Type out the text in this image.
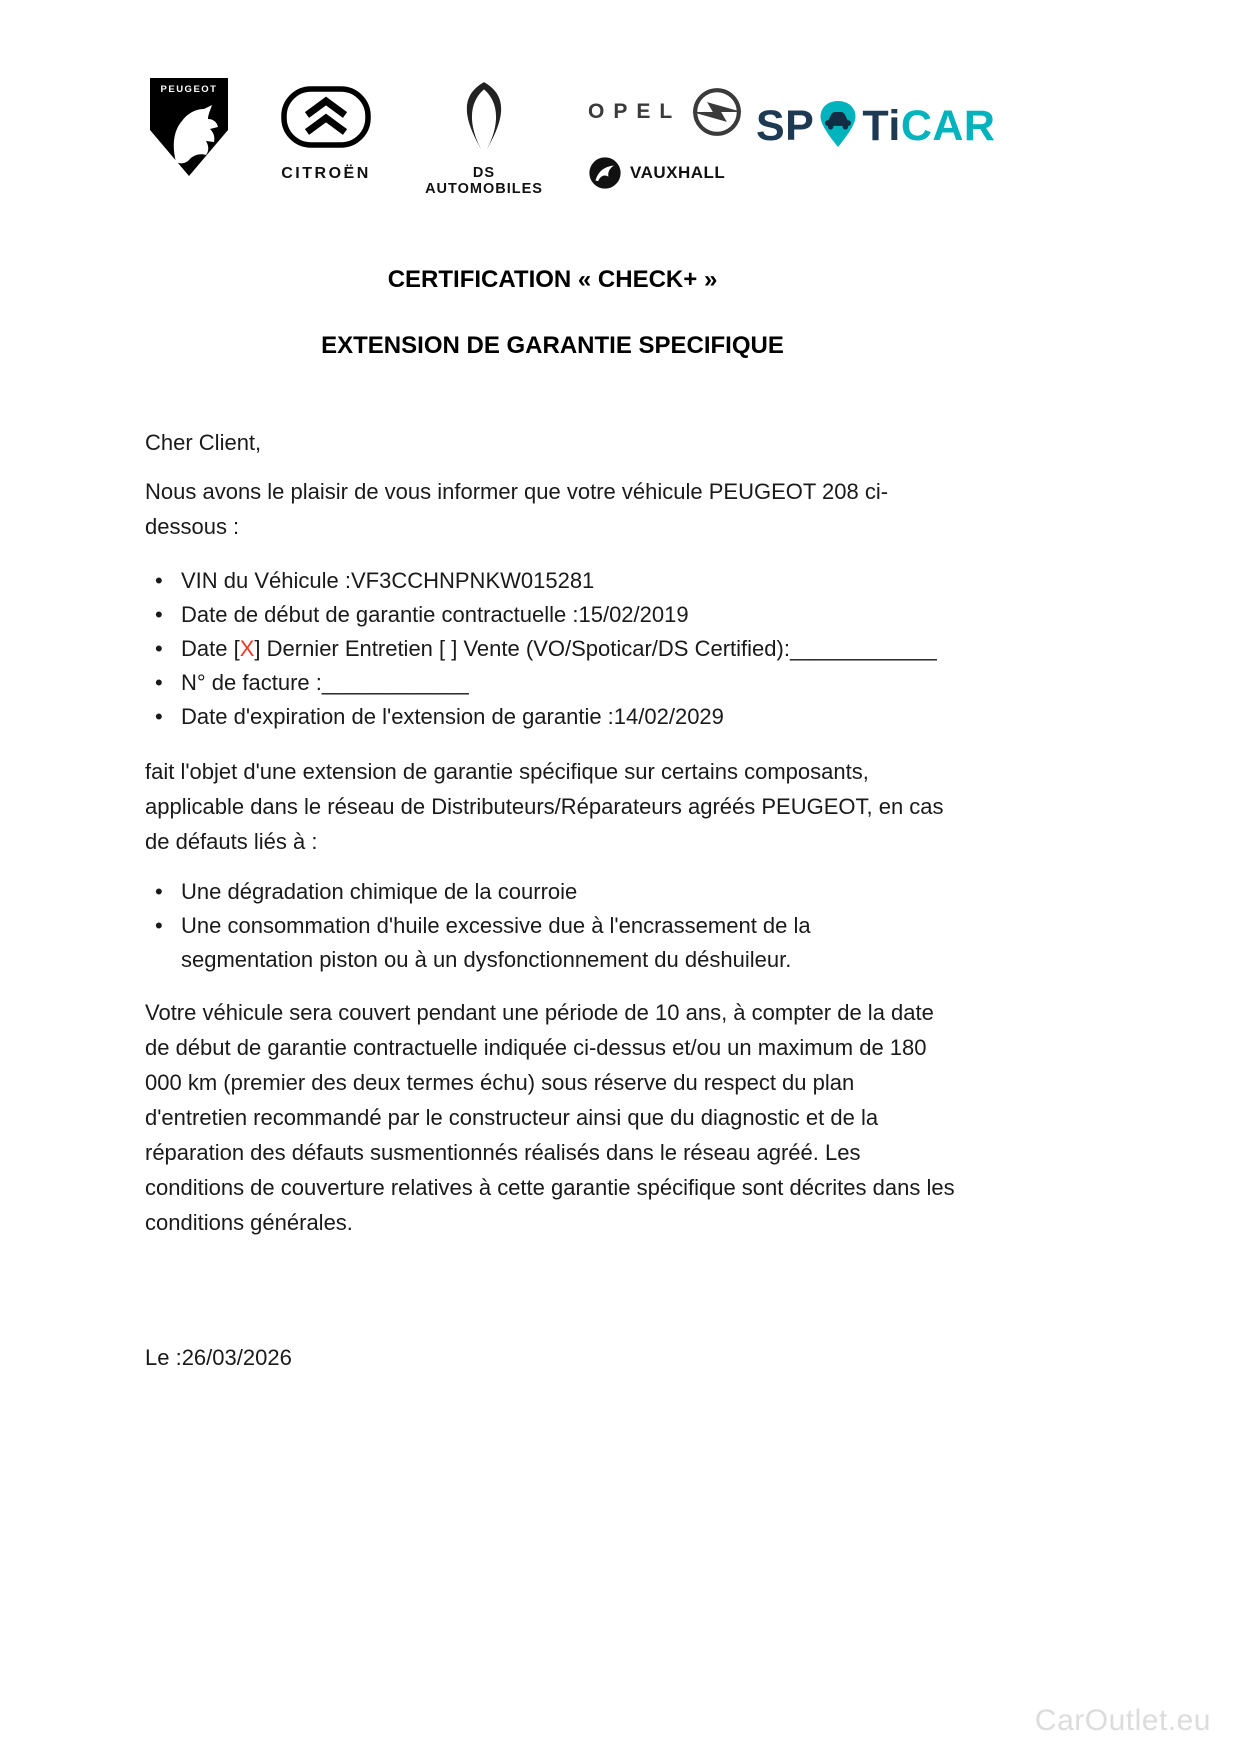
PEUGEOT
CITROËN	DS AUTOMOBILES
OPEL
VAUXHALL
SP Ti CAR
CERTIFICATION « CHECK+ »
EXTENSION DE GARANTIE SPECIFIQUE

Cher Client,

Nous avons le plaisir de vous informer que votre véhicule PEUGEOT 208 ci-dessous :

• VIN du Véhicule :VF3CCHNPNKW015281
• Date de début de garantie contractuelle :15/02/2019
• Date [X] Dernier Entretien [ ] Vente (VO/Spoticar/DS Certified):____________
• N° de facture :____________
• Date d'expiration de l'extension de garantie :14/02/2029

fait l'objet d'une extension de garantie spécifique sur certains composants, applicable dans le réseau de Distributeurs/Réparateurs agréés PEUGEOT, en cas de défauts liés à :

• Une dégradation chimique de la courroie
• Une consommation d'huile excessive due à l'encrassement de la segmentation piston ou à un dysfonctionnement du déshuileur.

Votre véhicule sera couvert pendant une période de 10 ans, à compter de la date de début de garantie contractuelle indiquée ci-dessus et/ou un maximum de 180 000 km (premier des deux termes échu) sous réserve du respect du plan d'entretien recommandé par le constructeur ainsi que du diagnostic et de la réparation des défauts susmentionnés réalisés dans le réseau agréé. Les conditions de couverture relatives à cette garantie spécifique sont décrites dans les conditions générales.

Le :26/03/2026

CarOutlet.eu
